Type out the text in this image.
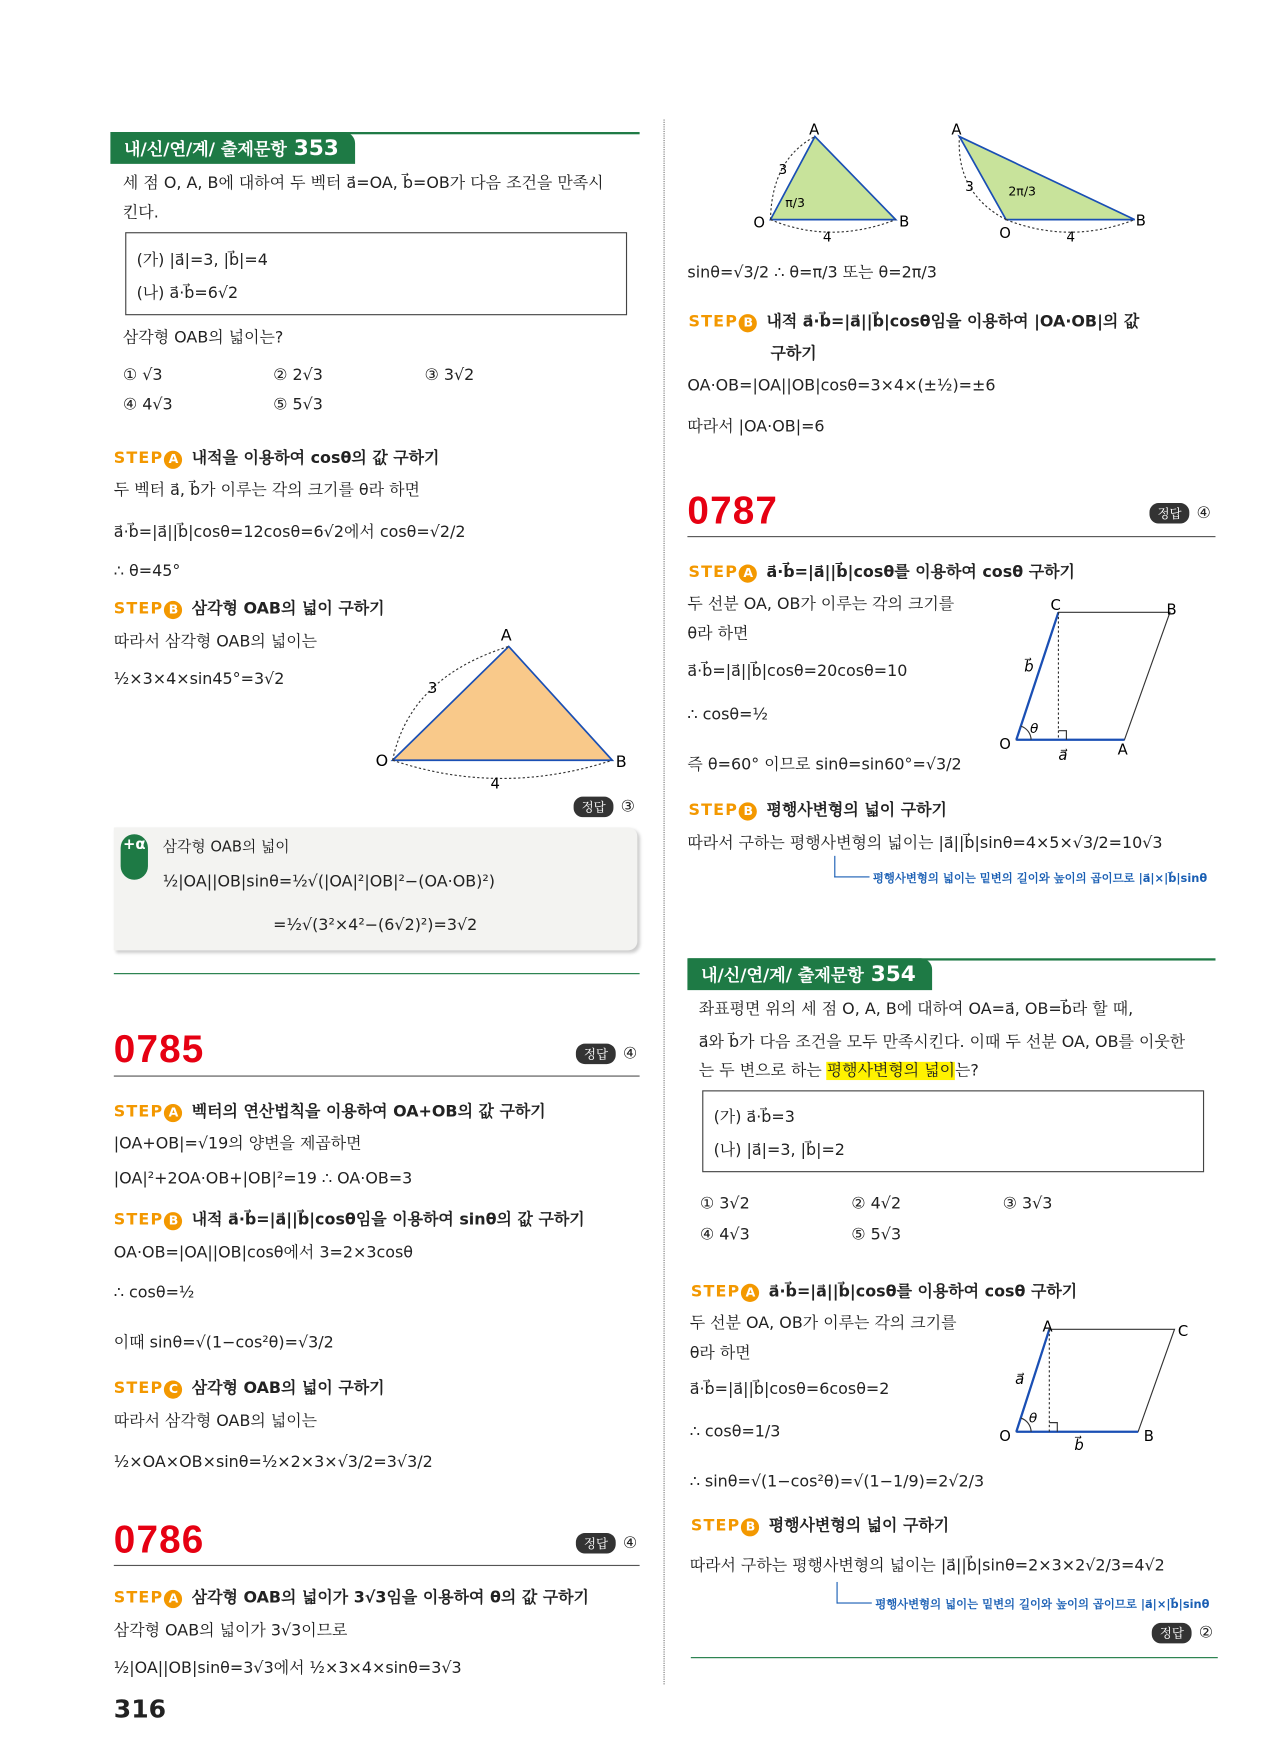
내/신/연/계/ 출제문항 353
세 점 O, A, B에 대하여 두 벡터 a⃗=OA, b⃗=OB가 다음 조건을 만족시
킨다.
(가) |a⃗|=3, |b⃗|=4
(나) a⃗·b⃗=6√2
삼각형 OAB의 넓이는?
① √3	② 2√3	③ 3√2
④ 4√3	⑤ 5√3
STEP A 내적을 이용하여 cosθ의 값 구하기
두 벡터 a⃗, b⃗가 이루는 각의 크기를 θ라 하면
a⃗·b⃗=|a⃗||b⃗|cosθ=12cosθ=6√2에서 cosθ=√2/2
∴ θ=45°
STEP B 삼각형 OAB의 넓이 구하기
따라서 삼각형 OAB의 넓이는
½×3×4×sin45°=3√2
O
A
B
3
4
정답 ③
+α 삼각형 OAB의 넓이
½|OA||OB|sinθ=½√(|OA|²|OB|²−(OA·OB)²)
=½√(3²×4²−(6√2)²)=3√2
0785	정답 ④
STEP A 벡터의 연산법칙을 이용하여 OA+OB의 값 구하기
|OA+OB|=√19의 양변을 제곱하면
|OA|²+2OA·OB+|OB|²=19 ∴ OA·OB=3
STEP B 내적 a⃗·b⃗=|a⃗||b⃗|cosθ임을 이용하여 sinθ의 값 구하기
OA·OB=|OA||OB|cosθ에서 3=2×3cosθ
∴ cosθ=½
이때 sinθ=√(1−cos²θ)=√3/2
STEP C 삼각형 OAB의 넓이 구하기
따라서 삼각형 OAB의 넓이는
½×OA×OB×sinθ=½×2×3×√3/2=3√3/2
0786	정답 ④
STEP A 삼각형 OAB의 넓이가 3√3임을 이용하여 θ의 값 구하기
삼각형 OAB의 넓이가 3√3이므로
½|OA||OB|sinθ=3√3에서 ½×3×4×sinθ=3√3
316
O
A
B
3
4
π/3
O
A
B
3
4
2π/3
sinθ=√3/2 ∴ θ=π/3 또는 θ=2π/3
STEP B 내적 a⃗·b⃗=|a⃗||b⃗|cosθ임을 이용하여 |OA·OB|의 값
구하기
OA·OB=|OA||OB|cosθ=3×4×(±½)=±6
따라서 |OA·OB|=6
0787	정답 ④
STEP A a⃗·b⃗=|a⃗||b⃗|cosθ를 이용하여 cosθ 구하기
두 선분 OA, OB가 이루는 각의 크기를
θ라 하면
a⃗·b⃗=|a⃗||b⃗|cosθ=20cosθ=10
∴ cosθ=½
즉 θ=60° 이므로 sinθ=sin60°=√3/2
O	A
B
C
a⃗
b⃗
θ
STEP B 평행사변형의 넓이 구하기
따라서 구하는 평행사변형의 넓이는 |a⃗||b⃗|sinθ=4×5×√3/2=10√3
평행사변형의 넓이는 밑변의 길이와 높이의 곱이므로 |a⃗|×|b⃗|sinθ
내/신/연/계/ 출제문항 354
좌표평면 위의 세 점 O, A, B에 대하여 OA=a⃗, OB=b⃗라 할 때,
a⃗와 b⃗가 다음 조건을 모두 만족시킨다. 이때 두 선분 OA, OB를 이웃한
는 두 변으로 하는 평행사변형의 넓이는?
(가) a⃗·b⃗=3
(나) |a⃗|=3, |b⃗|=2
① 3√2	② 4√2	③ 3√3
④ 4√3	⑤ 5√3
STEP A a⃗·b⃗=|a⃗||b⃗|cosθ를 이용하여 cosθ 구하기
두 선분 OA, OB가 이루는 각의 크기를
θ라 하면
a⃗·b⃗=|a⃗||b⃗|cosθ=6cosθ=2
∴ cosθ=1/3
∴ sinθ=√(1−cos²θ)=√(1−1/9)=2√2/3
O	B
C
A
b⃗
a⃗
θ
STEP B 평행사변형의 넓이 구하기
따라서 구하는 평행사변형의 넓이는 |a⃗||b⃗|sinθ=2×3×2√2/3=4√2
평행사변형의 넓이는 밑변의 길이와 높이의 곱이므로 |a⃗|×|b⃗|sinθ
정답 ②
